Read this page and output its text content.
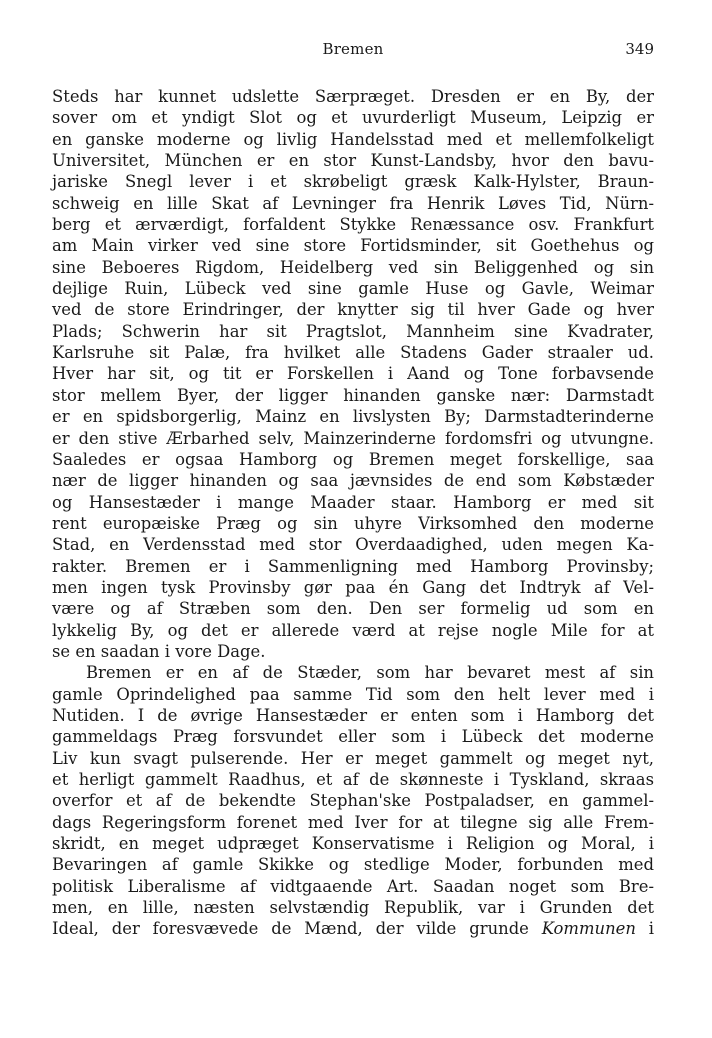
Bremen	349
Steds har kunnet udslette Særpræget. Dresden er en By, der
sover om et yndigt Slot og et uvurderligt Museum, Leipzig er
en ganske moderne og livlig Handelsstad med et mellemfolkeligt
Universitet, München er en stor Kunst-Landsby, hvor den bavu-
jariske Snegl lever i et skrøbeligt græsk Kalk-Hylster, Braun-
schweig en lille Skat af Levninger fra Henrik Løves Tid, Nürn-
berg et ærværdigt, forfaldent Stykke Renæssance osv. Frankfurt
am Main virker ved sine store Fortidsminder, sit Goethehus og
sine Beboeres Rigdom, Heidelberg ved sin Beliggenhed og sin
dejlige Ruin, Lübeck ved sine gamle Huse og Gavle, Weimar
ved de store Erindringer, der knytter sig til hver Gade og hver
Plads; Schwerin har sit Pragtslot, Mannheim sine Kvadrater,
Karlsruhe sit Palæ, fra hvilket alle Stadens Gader straaler ud.
Hver har sit, og tit er Forskellen i Aand og Tone forbavsende
stor mellem Byer, der ligger hinanden ganske nær: Darmstadt
er en spidsborgerlig, Mainz en livslysten By; Darmstadterinderne
er den stive Ærbarhed selv, Mainzerinderne fordomsfri og utvungne.
Saaledes er ogsaa Hamborg og Bremen meget forskellige, saa
nær de ligger hinanden og saa jævnsides de end som Købstæder
og Hansestæder i mange Maader staar. Hamborg er med sit
rent europæiske Præg og sin uhyre Virksomhed den moderne
Stad, en Verdensstad med stor Overdaadighed, uden megen Ka-
rakter. Bremen er i Sammenligning med Hamborg Provinsby;
men ingen tysk Provinsby gør paa én Gang det Indtryk af Vel-
være og af Stræben som den. Den ser formelig ud som en
lykkelig By, og det er allerede værd at rejse nogle Mile for at
se en saadan i vore Dage.
Bremen er en af de Stæder, som har bevaret mest af sin
gamle Oprindelighed paa samme Tid som den helt lever med i
Nutiden. I de øvrige Hansestæder er enten som i Hamborg det
gammeldags Præg forsvundet eller som i Lübeck det moderne
Liv kun svagt pulserende. Her er meget gammelt og meget nyt,
et herligt gammelt Raadhus, et af de skønneste i Tyskland, skraas
overfor et af de bekendte Stephan'ske Postpaladser, en gammel-
dags Regeringsform forenet med Iver for at tilegne sig alle Frem-
skridt, en meget udpræget Konservatisme i Religion og Moral, i
Bevaringen af gamle Skikke og stedlige Moder, forbunden med
politisk Liberalisme af vidtgaaende Art. Saadan noget som Bre-
men, en lille, næsten selvstændig Republik, var i Grunden det
Ideal, der foresvævede de Mænd, der vilde grunde Kommunen i
